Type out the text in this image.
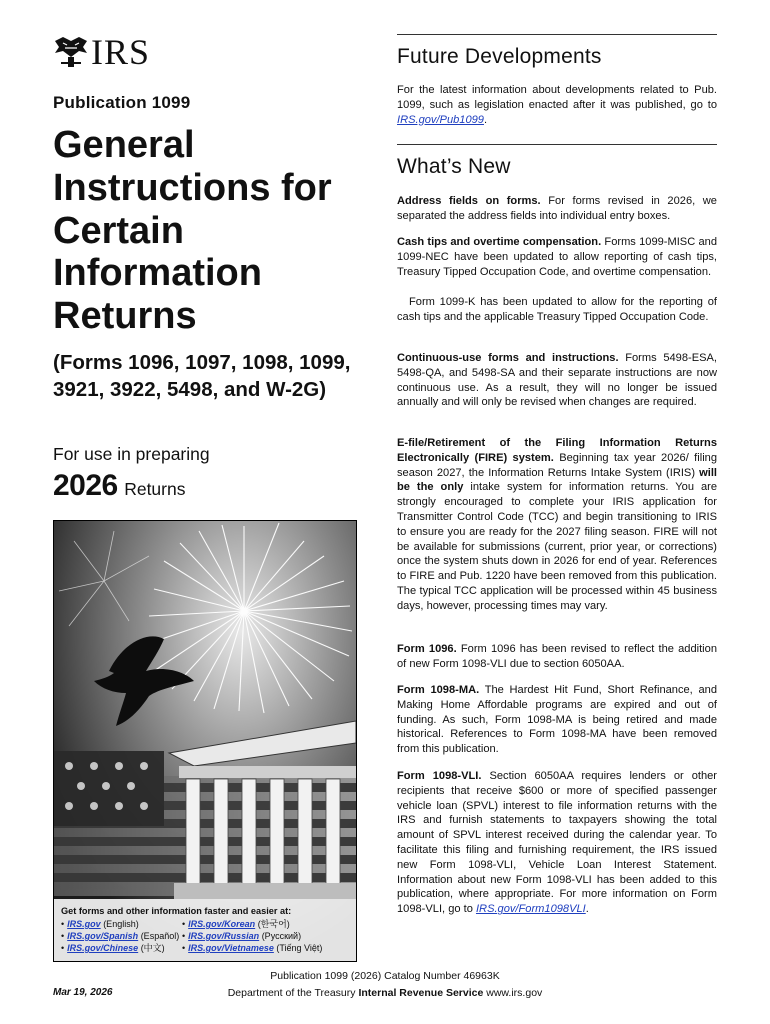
IRS
Publication 1099
General Instructions for Certain Information Returns
(Forms 1096, 1097, 1098, 1099, 3921, 3922, 5498, and W-2G)
For use in preparing
2026 Returns
Get forms and other information faster and easier at:
• IRS.gov (English)
• IRS.gov/Spanish (Español)
• IRS.gov/Chinese (中文)
• IRS.gov/Korean (한국어)
• IRS.gov/Russian (Русский)
• IRS.gov/Vietnamese (Tiếng Việt)
Future Developments

For the latest information about developments related to Pub. 1099, such as legislation enacted after it was published, go to IRS.gov/Pub1099.

What’s New

Address fields on forms. For forms revised in 2026, we separated the address fields into individual entry boxes.

Cash tips and overtime compensation. Forms 1099-MISC and 1099-NEC have been updated to allow reporting of cash tips, Treasury Tipped Occupation Code, and overtime compensation.

Form 1099-K has been updated to allow for the reporting of cash tips and the applicable Treasury Tipped Occupation Code.

Continuous-use forms and instructions. Forms 5498-ESA, 5498-QA, and 5498-SA and their separate instructions are now continuous use. As a result, they will no longer be issued annually and will only be revised when changes are required.

E-file/Retirement of the Filing Information Returns Electronically (FIRE) system. Beginning tax year 2026/ filing season 2027, the Information Returns Intake System (IRIS) will be the only intake system for information returns. You are strongly encouraged to complete your IRIS application for Transmitter Control Code (TCC) and begin transitioning to IRIS to ensure you are ready for the 2027 filing season. FIRE will not be available for submissions (current, prior year, or corrections) once the system shuts down in 2026 for end of year. References to FIRE and Pub. 1220 have been removed from this publication. The typical TCC application will be processed within 45 business days, however, processing times may vary.

Form 1096. Form 1096 has been revised to reflect the addition of new Form 1098-VLI due to section 6050AA.

Form 1098-MA. The Hardest Hit Fund, Short Refinance, and Making Home Affordable programs are expired and out of funding. As such, Form 1098-MA is being retired and made historical. References to Form 1098-MA have been removed from this publication.

Form 1098-VLI. Section 6050AA requires lenders or other recipients that receive $600 or more of specified passenger vehicle loan (SPVL) interest to file information returns with the IRS and furnish statements to taxpayers showing the total amount of SPVL interest received during the calendar year. To facilitate this filing and furnishing requirement, the IRS issued new Form 1098-VLI, Vehicle Loan Interest Statement. Information about new Form 1098-VLI has been added to this publication, where appropriate. For more information on Form 1098-VLI, go to IRS.gov/Form1098VLI.

Publication 1099 (2026) Catalog Number 46963K
Mar 19, 2026	Department of the Treasury Internal Revenue Service www.irs.gov
